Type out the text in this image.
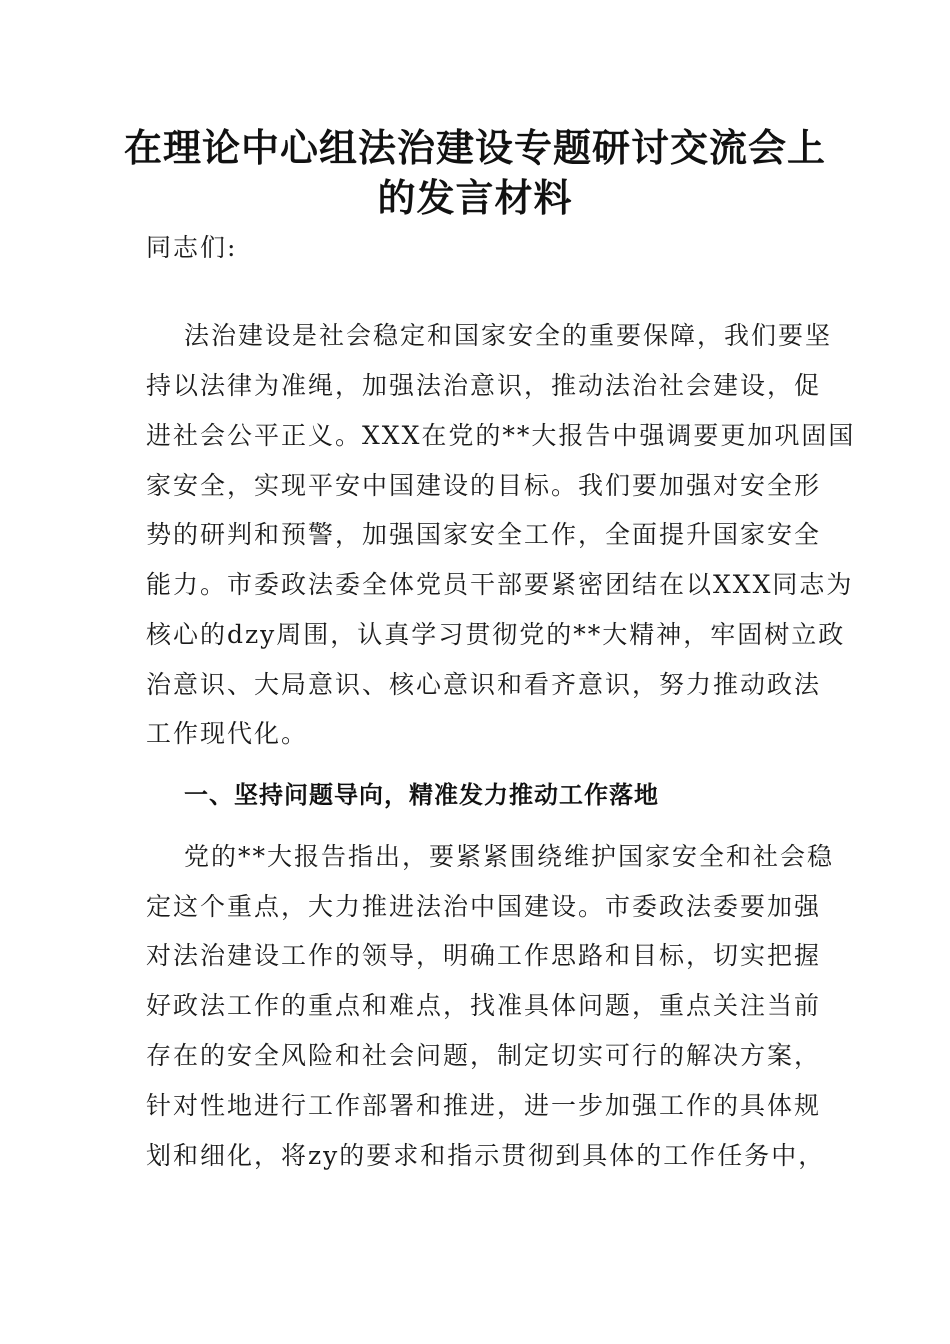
在理论中心组法治建设专题研讨交流会上
的发言材料
同志们:
法治建设是社会稳定和国家安全的重要保障，我们要坚
持以法律为准绳，加强法治意识，推动法治社会建设，促
进社会公平正义。XXX在党的**大报告中强调要更加巩固国
家安全，实现平安中国建设的目标。我们要加强对安全形
势的研判和预警，加强国家安全工作，全面提升国家安全
能力。市委政法委全体党员干部要紧密团结在以XXX同志为
核心的dzy周围，认真学习贯彻党的**大精神，牢固树立政
治意识、大局意识、核心意识和看齐意识，努力推动政法
工作现代化。
一、坚持问题导向，精准发力推动工作落地
党的**大报告指出，要紧紧围绕维护国家安全和社会稳
定这个重点，大力推进法治中国建设。市委政法委要加强
对法治建设工作的领导，明确工作思路和目标，切实把握
好政法工作的重点和难点，找准具体问题，重点关注当前
存在的安全风险和社会问题，制定切实可行的解决方案，
针对性地进行工作部署和推进，进一步加强工作的具体规
划和细化，将zy的要求和指示贯彻到具体的工作任务中，
